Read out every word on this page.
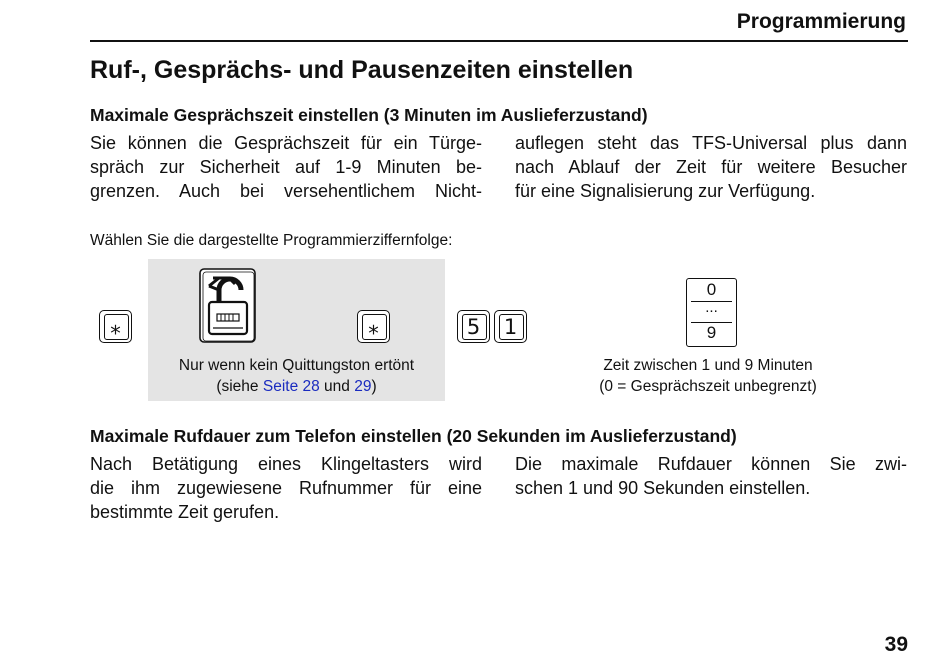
Programmierung
Ruf-, Gesprächs- und Pausenzeiten einstellen
Maximale Gesprächszeit einstellen (3 Minuten im Auslieferzustand)
Sie können die Gesprächszeit für ein Türge-
spräch zur Sicherheit auf 1-9 Minuten be-
grenzen. Auch bei versehentlichem Nicht-
auflegen steht das TFS-Universal plus dann
nach Ablauf der Zeit für weitere Besucher
für eine Signalisierung zur Verfügung.
Wählen Sie die dargestellte Programmierziffernfolge:
⁎	⁎	5 1
0
...
9
Nur wenn kein Quittungston ertönt
(siehe Seite 28 und 29)
Zeit zwischen 1 und 9 Minuten
(0 = Gesprächszeit unbegrenzt)
Maximale Rufdauer zum Telefon einstellen (20 Sekunden im Auslieferzustand)
Nach Betätigung eines Klingeltasters wird
die ihm zugewiesene Rufnummer für eine
bestimmte Zeit gerufen.
Die maximale Rufdauer können Sie zwi-
schen 1 und 90 Sekunden einstellen.
39
